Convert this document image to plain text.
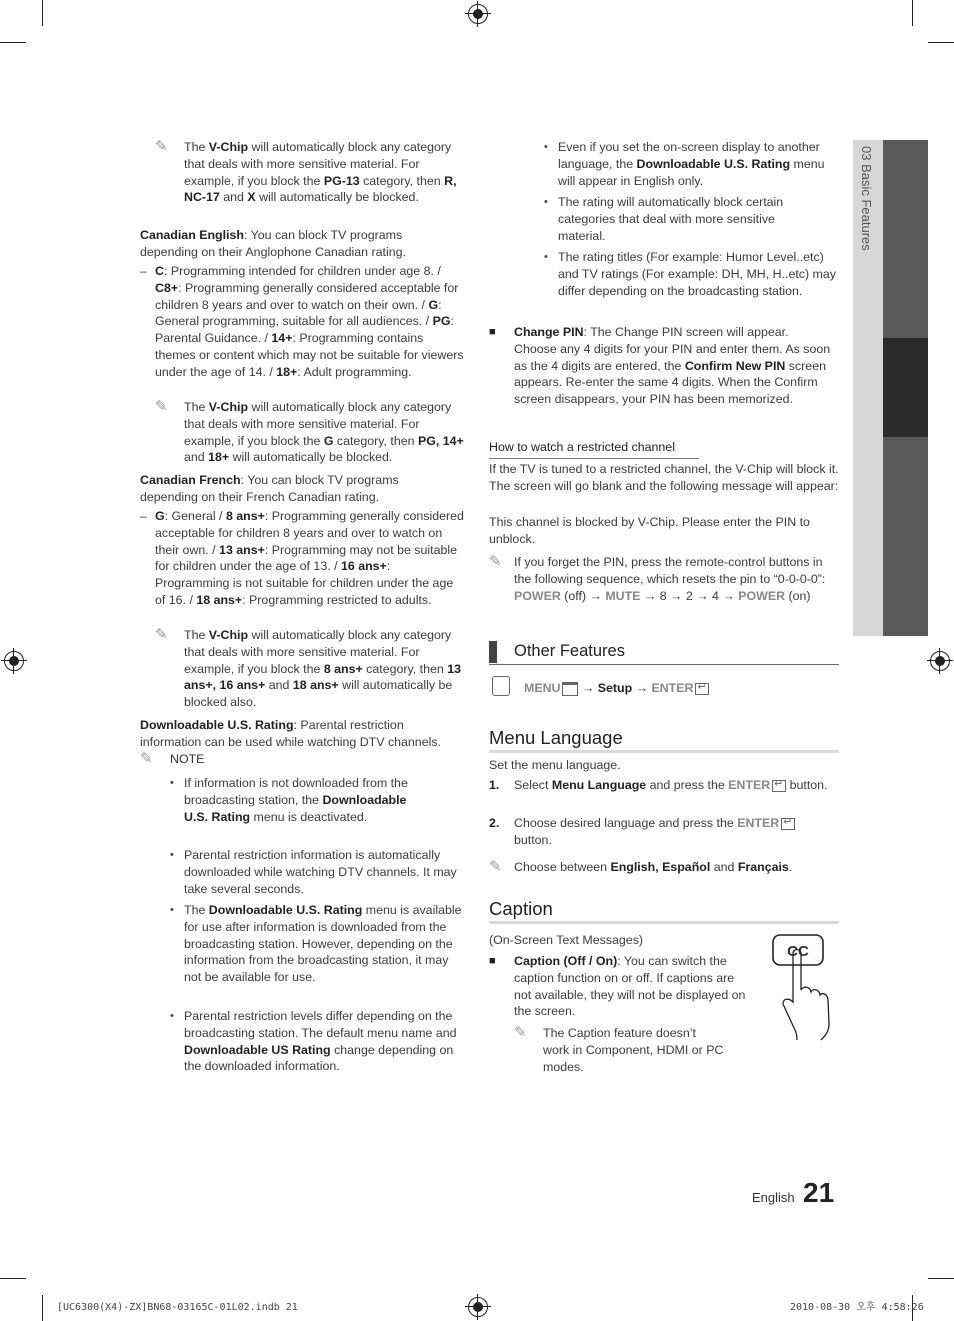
03 Basic Features
✎ The V-Chip will automatically block any category that deals with more sensitive material. For example, if you block the PG-13 category, then R, NC-17 and X will automatically be blocked.

Canadian English: You can block TV programs depending on their Anglophone Canadian rating.

– C: Programming intended for children under age 8. / C8+: Programming generally considered acceptable for children 8 years and over to watch on their own. / G: General programming, suitable for all audiences. / PG: Parental Guidance. / 14+: Programming contains themes or content which may not be suitable for viewers under the age of 14. / 18+: Adult programming.

✎ The V-Chip will automatically block any category that deals with more sensitive material. For example, if you block the G category, then PG, 14+ and 18+ will automatically be blocked.

Canadian French: You can block TV programs depending on their French Canadian rating.

– G: General / 8 ans+: Programming generally considered acceptable for children 8 years and over to watch on their own. / 13 ans+: Programming may not be suitable for children under the age of 13. / 16 ans+: Programming is not suitable for children under the age of 16. / 18 ans+: Programming restricted to adults.

✎ The V-Chip will automatically block any category that deals with more sensitive material. For example, if you block the 8 ans+ category, then 13 ans+, 16 ans+ and 18 ans+ will automatically be blocked also.

Downloadable U.S. Rating: Parental restriction information can be used while watching DTV channels.

✎ NOTE
• If information is not downloaded from the broadcasting station, the Downloadable U.S. Rating menu is deactivated.

• Parental restriction information is automatically downloaded while watching DTV channels. It may take several seconds.

• The Downloadable U.S. Rating menu is available for use after information is downloaded from the broadcasting station. However, depending on the information from the broadcasting station, it may not be available for use.

• Parental restriction levels differ depending on the broadcasting station. The default menu name and Downloadable US Rating change depending on the downloaded information.

• Even if you set the on-screen display to another language, the Downloadable U.S. Rating menu will appear in English only.

• The rating will automatically block certain categories that deal with more sensitive material.

• The rating titles (For example: Humor Level..etc) and TV ratings (For example: DH, MH, H..etc) may differ depending on the broadcasting station.

■ Change PIN: The Change PIN screen will appear. Choose any 4 digits for your PIN and enter them. As soon as the 4 digits are entered, the Confirm New PIN screen appears. Re-enter the same 4 digits. When the Confirm screen disappears, your PIN has been memorized.

How to watch a restricted channel

If the TV is tuned to a restricted channel, the V-Chip will block it. The screen will go blank and the following message will appear:

This channel is blocked by V-Chip. Please enter the PIN to unblock.

✎ If you forget the PIN, press the remote-control buttons in the following sequence, which resets the pin to “0-0-0-0”: POWER (off) → MUTE → 8 → 2 → 4 → POWER (on)

Other Features
MENU → Setup → ENTER↵
Menu Language

Set the menu language.

1. Select Menu Language and press the ENTER↵ button.

2. Choose desired language and press the ENTER↵ button.

✎ Choose between English, Español and Français.

Caption

(On-Screen Text Messages)

■ Caption (Off / On): You can switch the caption function on or off. If captions are not available, they will not be displayed on the screen.

✎ The Caption feature doesn’t work in Component, HDMI or PC modes.

CC
English 21
[UC6300(X4)-ZX]BN68-03165C-01L02.indb 21	2010-08-30 오후 4:58:26
